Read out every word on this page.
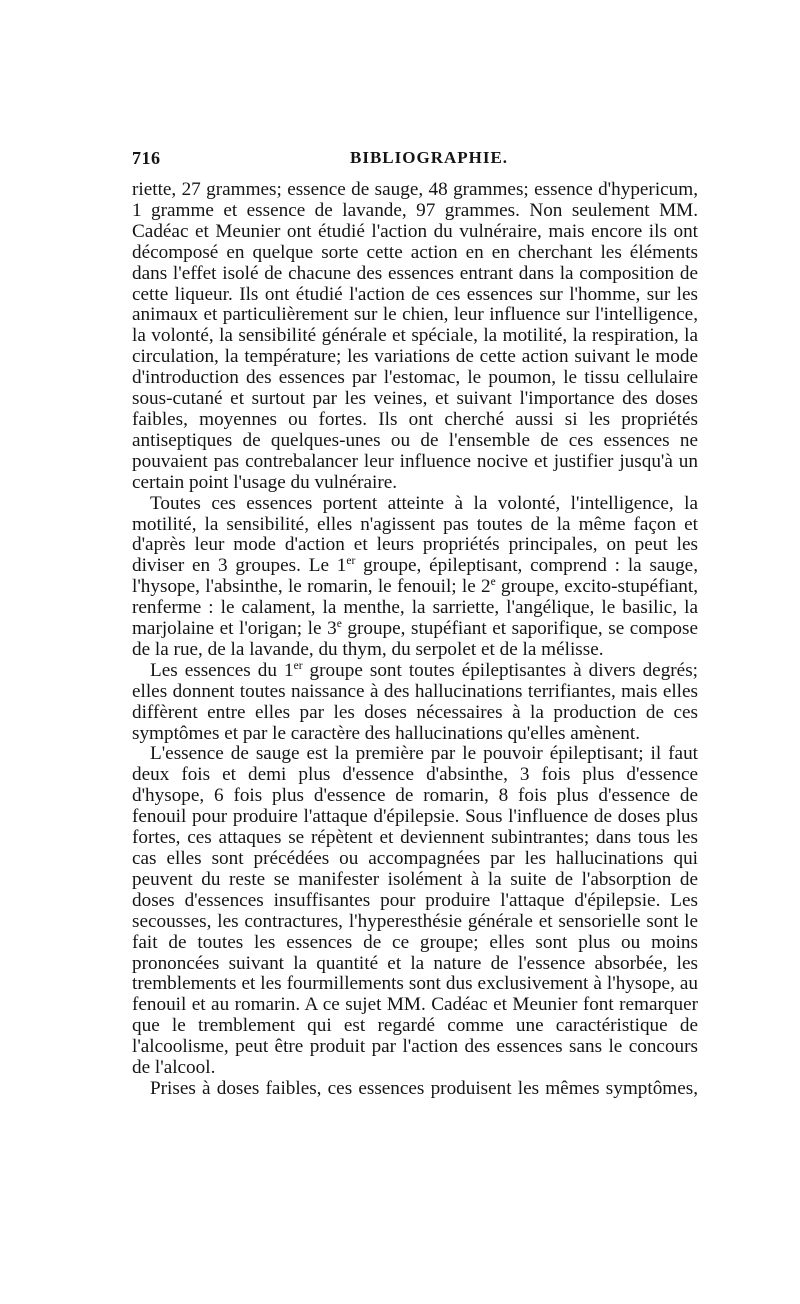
716	BIBLIOGRAPHIE.

riette, 27 grammes; essence de sauge, 48 grammes; essence d'hypericum, 1 gramme et essence de lavande, 97 grammes. Non seulement MM. Cadéac et Meunier ont étudié l'action du vulnéraire, mais encore ils ont décomposé en quelque sorte cette action en en cherchant les éléments dans l'effet isolé de chacune des essences entrant dans la composition de cette liqueur. Ils ont étudié l'action de ces essences sur l'homme, sur les animaux et particulièrement sur le chien, leur influence sur l'intelligence, la volonté, la sensibilité générale et spéciale, la motilité, la respiration, la circulation, la température; les variations de cette action suivant le mode d'introduction des essences par l'estomac, le poumon, le tissu cellulaire sous-cutané et surtout par les veines, et suivant l'importance des doses faibles, moyennes ou fortes. Ils ont cherché aussi si les propriétés antiseptiques de quelques-unes ou de l'ensemble de ces essences ne pouvaient pas contrebalancer leur influence nocive et justifier jusqu'à un certain point l'usage du vulnéraire.

Toutes ces essences portent atteinte à la volonté, l'intelligence, la motilité, la sensibilité, elles n'agissent pas toutes de la même façon et d'après leur mode d'action et leurs propriétés principales, on peut les diviser en 3 groupes. Le 1er groupe, épileptisant, comprend : la sauge, l'hysope, l'absinthe, le romarin, le fenouil; le 2e groupe, excito-stupéfiant, renferme : le calament, la menthe, la sarriette, l'angélique, le basilic, la marjolaine et l'origan; le 3e groupe, stupéfiant et saporifique, se compose de la rue, de la lavande, du thym, du serpolet et de la mélisse.

Les essences du 1er groupe sont toutes épileptisantes à divers degrés; elles donnent toutes naissance à des hallucinations terrifiantes, mais elles diffèrent entre elles par les doses nécessaires à la production de ces symptômes et par le caractère des hallucinations qu'elles amènent.

L'essence de sauge est la première par le pouvoir épileptisant; il faut deux fois et demi plus d'essence d'absinthe, 3 fois plus d'essence d'hysope, 6 fois plus d'essence de romarin, 8 fois plus d'essence de fenouil pour produire l'attaque d'épilepsie. Sous l'influence de doses plus fortes, ces attaques se répètent et deviennent subintrantes; dans tous les cas elles sont précédées ou accompagnées par les hallucinations qui peuvent du reste se manifester isolément à la suite de l'absorption de doses d'essences insuffisantes pour produire l'attaque d'épilepsie. Les secousses, les contractures, l'hyperesthésie générale et sensorielle sont le fait de toutes les essences de ce groupe; elles sont plus ou moins prononcées suivant la quantité et la nature de l'essence absorbée, les tremblements et les fourmillements sont dus exclusivement à l'hysope, au fenouil et au romarin. A ce sujet MM. Cadéac et Meunier font remarquer que le tremblement qui est regardé comme une caractéristique de l'alcoolisme, peut être produit par l'action des essences sans le concours de l'alcool.

Prises à doses faibles, ces essences produisent les mêmes symptômes,
